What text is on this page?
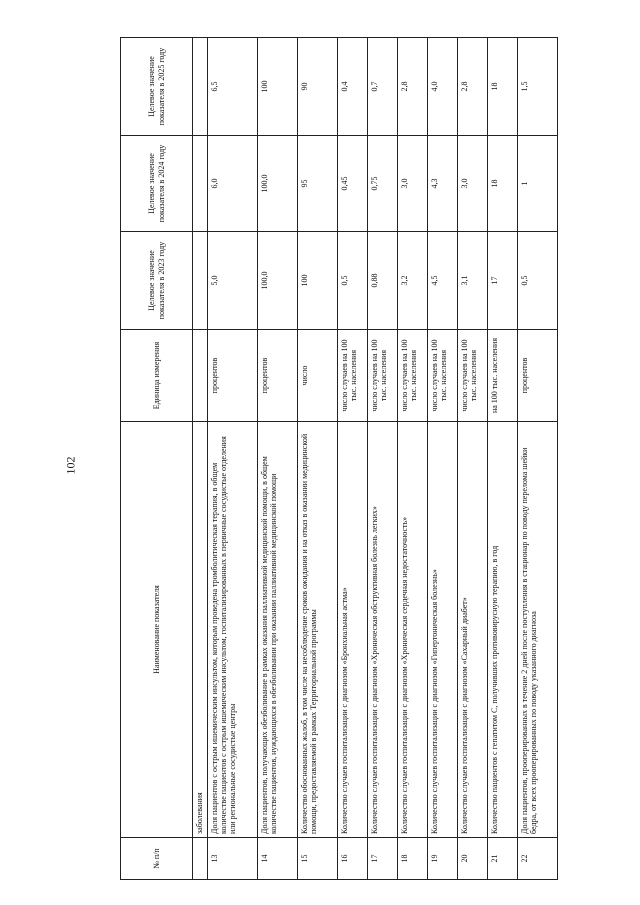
102
№ п/п	Наименование показателя	Единица измерения	Целевое значение показателя в 2023 году	Целевое значение показателя в 2024 году	Целевое значение показателя в 2025 году
	заболевания				
13	Доля пациентов с острым ишемическим инсультом, которым проведена тромболитическая терапия, в общем количестве пациентов с острым ишемическим инсультом, госпитализированных в первичные сосудистые отделения или региональные сосудистые центры	процентов	5,0	6,0	6,5
14	Доля пациентов, получающих обезболивание в рамках оказания паллиативной медицинской помощи, в общем количестве пациентов, нуждающихся в обезболивании при оказании паллиативной медицинской помощи	процентов	100,0	100,0	100
15	Количество обоснованных жалоб, в том числе на несоблюдение сроков ожидания и на отказ в оказании медицинской помощи, предоставляемой в рамках Территориальной программы	число	100	95	90
16	Количество случаев госпитализации с диагнозом «Бронхиальная астма»	число случаев на 100 тыс. населения	0,5	0,45	0,4
17	Количество случаев госпитализации с диагнозом «Хроническая обструктивная болезнь легких»	число случаев на 100 тыс. населения	0,88	0,75	0,7
18	Количество случаев госпитализации с диагнозом «Хроническая сердечная недостаточность»	число случаев на 100 тыс. населения	3,2	3,0	2,8
19	Количество случаев госпитализации с диагнозом «Гипертоническая болезнь»	число случаев на 100 тыс. населения	4,5	4,3	4,0
20	Количество случаев госпитализации с диагнозом «Сахарный диабет»	число случаев на 100 тыс. населения	3,1	3,0	2,8
21	Количество пациентов с гепатитом С, получивших противовирусную терапию, в год	на 100 тыс. населения	17	18	18
22	Доля пациентов, прооперированных в течение 2 дней после поступления в стационар по поводу перелома шейки бедра, от всех прооперированных по поводу указанного диагноза	процентов	0,5	1	1,5
